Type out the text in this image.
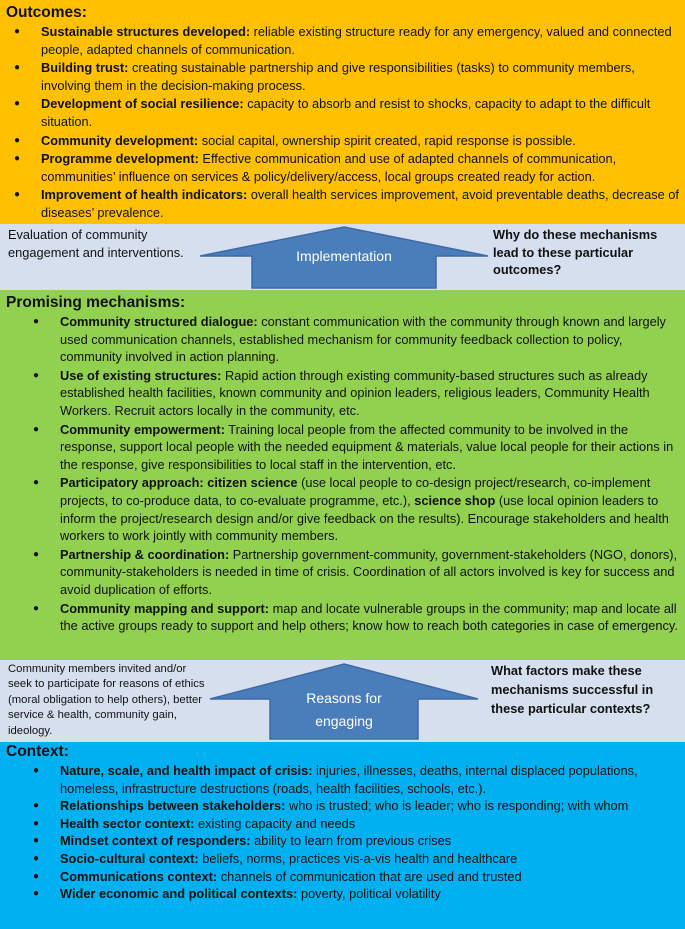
Outcomes:
● Sustainable structures developed: reliable existing structure ready for any emergency, valued and connected people, adapted channels of communication.
● Building trust: creating sustainable partnership and give responsibilities (tasks) to community members, involving them in the decision-making process.
● Development of social resilience: capacity to absorb and resist to shocks, capacity to adapt to the difficult situation.
● Community development: social capital, ownership spirit created, rapid response is possible.
● Programme development: Effective communication and use of adapted channels of communication, communities’ influence on services & policy/delivery/access, local groups created ready for action.
● Improvement of health indicators: overall health services improvement, avoid preventable deaths, decrease of diseases’ prevalence.
Evaluation of community engagement and interventions.	Implementation
Why do these mechanisms lead to these particular outcomes?
Promising mechanisms:
● Community structured dialogue: constant communication with the community through known and largely used communication channels, established mechanism for community feedback collection to policy, community involved in action planning.
● Use of existing structures: Rapid action through existing community-based structures such as already established health facilities, known community and opinion leaders, religious leaders, Community Health Workers. Recruit actors locally in the community, etc.
● Community empowerment: Training local people from the affected community to be involved in the response, support local people with the needed equipment & materials, value local people for their actions in the response, give responsibilities to local staff in the intervention, etc.
● Participatory approach: citizen science (use local people to co-design project/research, co-implement projects, to co-produce data, to co-evaluate programme, etc.), science shop (use local opinion leaders to inform the project/research design and/or give feedback on the results). Encourage stakeholders and health workers to work jointly with community members.
● Partnership & coordination: Partnership government-community, government-stakeholders (NGO, donors), community-stakeholders is needed in time of crisis. Coordination of all actors involved is key for success and avoid duplication of efforts.
● Community mapping and support: map and locate vulnerable groups in the community; map and locate all the active groups ready to support and help others; know how to reach both categories in case of emergency.
Community members invited and/or seek to participate for reasons of ethics (moral obligation to help others), better service & health, community gain, ideology.
Reasons for
engaging
What factors make these mechanisms successful in these particular contexts?
Context:
● Nature, scale, and health impact of crisis: injuries, illnesses, deaths, internal displaced populations, homeless, infrastructure destructions (roads, health facilities, schools, etc.).
● Relationships between stakeholders: who is trusted; who is leader; who is responding; with whom
● Health sector context: existing capacity and needs
● Mindset context of responders: ability to learn from previous crises
● Socio-cultural context: beliefs, norms, practices vis-a-vis health and healthcare
● Communications context: channels of communication that are used and trusted
● Wider economic and political contexts: poverty, political volatility
